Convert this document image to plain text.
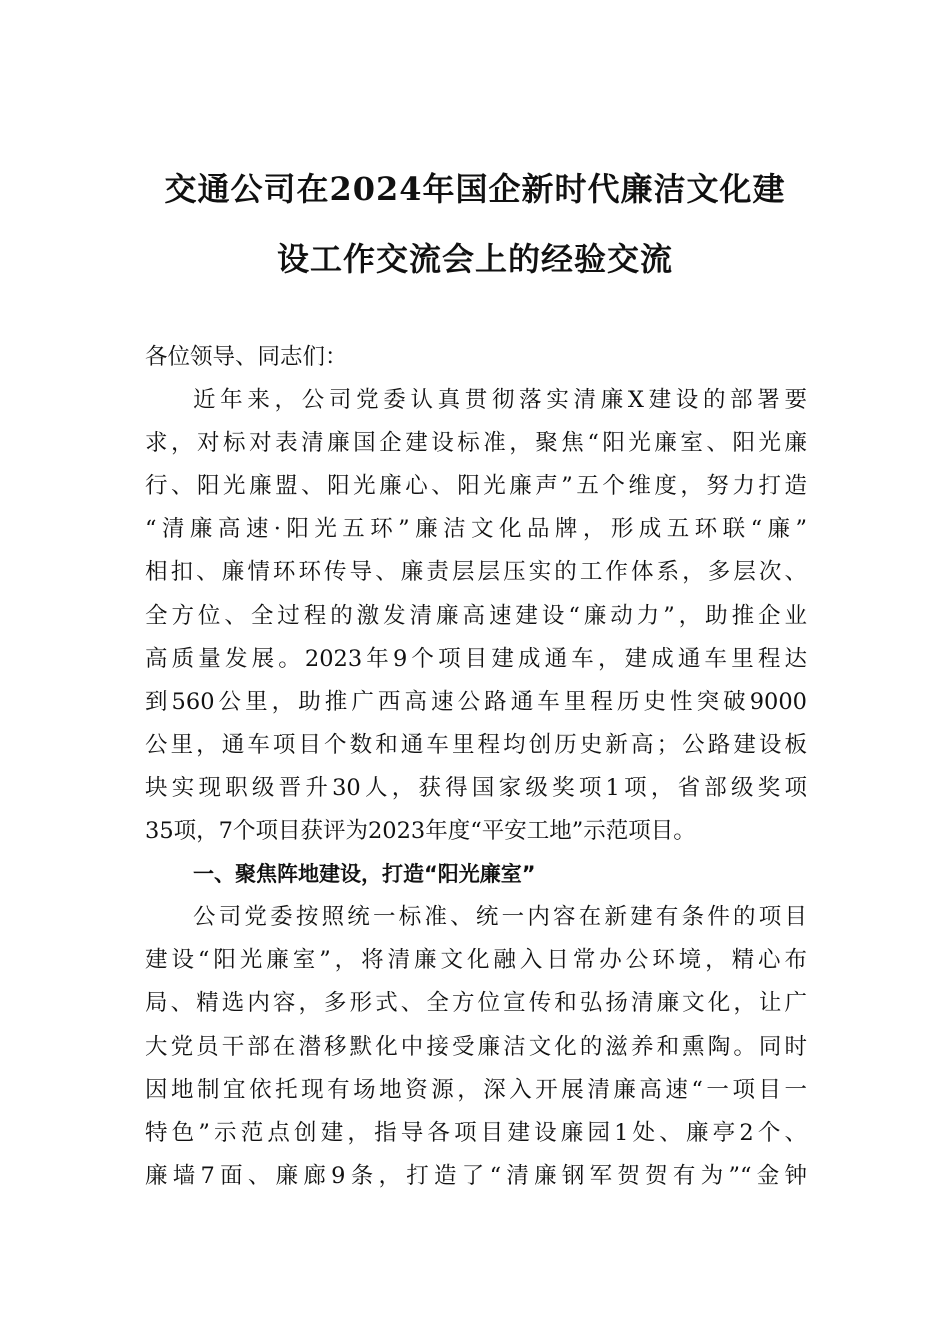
交通公司在2024年国企新时代廉洁文化建
设工作交流会上的经验交流
各位领导、同志们：
近年来，公司党委认真贯彻落实清廉X建设的部署要
求，对标对表清廉国企建设标准，聚焦“阳光廉室、阳光廉
行、阳光廉盟、阳光廉心、阳光廉声”五个维度，努力打造
“清廉高速·阳光五环”廉洁文化品牌，形成五环联“廉”
相扣、廉情环环传导、廉责层层压实的工作体系，多层次、
全方位、全过程的激发清廉高速建设“廉动力”，助推企业
高质量发展。2023年9个项目建成通车，建成通车里程达
到560公里，助推广西高速公路通车里程历史性突破9000
公里，通车项目个数和通车里程均创历史新高；公路建设板
块实现职级晋升30人，获得国家级奖项1项，省部级奖项
35项，7个项目获评为2023年度“平安工地”示范项目。
一、聚焦阵地建设，打造“阳光廉室”
公司党委按照统一标准、统一内容在新建有条件的项目
建设“阳光廉室”，将清廉文化融入日常办公环境，精心布
局、精选内容，多形式、全方位宣传和弘扬清廉文化，让广
大党员干部在潜移默化中接受廉洁文化的滋养和熏陶。同时
因地制宜依托现有场地资源，深入开展清廉高速“一项目一
特色”示范点创建，指导各项目建设廉园1处、廉亭2个、
廉墙7面、廉廊9条，打造了“清廉钢军贺贺有为”“金钟
